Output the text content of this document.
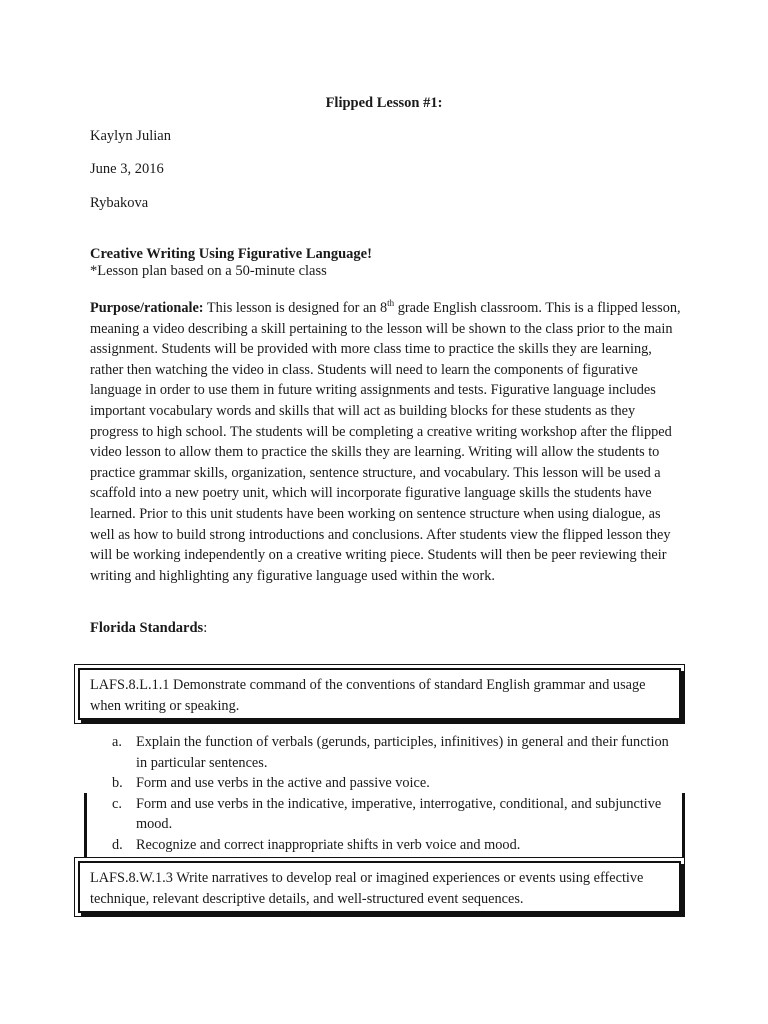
Flipped Lesson #1:
Kaylyn Julian
June 3, 2016
Rybakova
Creative Writing Using Figurative Language!
*Lesson plan based on a 50-minute class
Purpose/rationale: This lesson is designed for an 8th grade English classroom. This is a flipped lesson, meaning a video describing a skill pertaining to the lesson will be shown to the class prior to the main assignment. Students will be provided with more class time to practice the skills they are learning, rather then watching the video in class. Students will need to learn the components of figurative language in order to use them in future writing assignments and tests. Figurative language includes important vocabulary words and skills that will act as building blocks for these students as they progress to high school. The students will be completing a creative writing workshop after the flipped video lesson to allow them to practice the skills they are learning. Writing will allow the students to practice grammar skills, organization, sentence structure, and vocabulary. This lesson will be used a scaffold into a new poetry unit, which will incorporate figurative language skills the students have learned. Prior to this unit students have been working on sentence structure when using dialogue, as well as how to build strong introductions and conclusions. After students view the flipped lesson they will be working independently on a creative writing piece. Students will then be peer reviewing their writing and highlighting any figurative language used within the work.
Florida Standards:
LAFS.8.L.1.1 Demonstrate command of the conventions of standard English grammar and usage when writing or speaking.
a. Explain the function of verbals (gerunds, participles, infinitives) in general and their function in particular sentences.
b. Form and use verbs in the active and passive voice.
c. Form and use verbs in the indicative, imperative, interrogative, conditional, and subjunctive mood.
d. Recognize and correct inappropriate shifts in verb voice and mood.
LAFS.8.W.1.3 Write narratives to develop real or imagined experiences or events using effective technique, relevant descriptive details, and well-structured event sequences.
